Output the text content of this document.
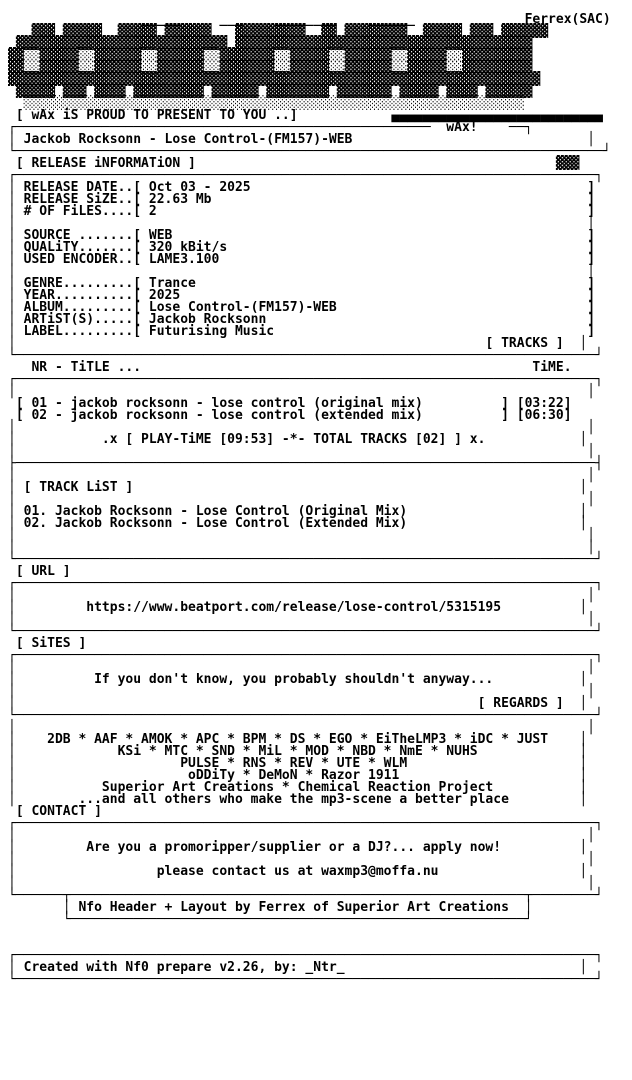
_____     ___    ________    ______	Ferrex(SAC)
▓▓▓ ▓▓▓▓▓  ▓▓▓▓▓ ▓▓▓▓▓▓   ▓▓▓▓▓▓▓▓▓  ▓▓ ▓▓▓▓▓▓▓▓  ▓▓▓▓▓ ▓▓▓ ▓▓▓▓▓▓
▓▓▓▓▓▓▓▓▓▓▓▓▓▓▓▓▓▓▓▓▓▓▓▓▓▓▓ ▓▓▓▓▓▓▓▓▓▓▓▓▓▓▓▓▓▓▓▓▓▓▓▓▓▓▓▓▓▓▓▓▓▓▓▓▓▓
▓▓░░▓▓▓▓▓░░▓▓▓▓▓▓░░▓▓▓▓▓▓░░▓▓▓▓▓▓▓░░▓▓▓▓▓░░▓▓▓▓▓▓░░▓▓▓▓▓░░▓▓▓▓▓▓▓▓▓
▓▓░░▓▓▓▓▓░░▓▓▓▓▓▓░░▓▓▓▓▓▓░░▓▓▓▓▓▓▓░░▓▓▓▓▓░░▓▓▓▓▓▓░░▓▓▓▓▓░░▓▓▓▓▓▓▓▓▓
▓▓▓▓▓▓▓▓▓▓▓▓▓▓▓▓▓▓▓▓▓▓▓▓▓▓▓▓▓▓▓▓▓▓▓▓▓▓▓▓▓▓▓▓▓▓▓▓▓▓▓▓▓▓▓▓▓▓▓▓▓▓▓▓▓▓▓▓
▓▓▓▓▓ ▓▓▓ ▓▓▓▓ ▓▓▓▓▓▓▓▓▓ ▓▓▓▓▓▓ ▓▓▓▓▓▓▓▓ ▓▓▓▓▓▓▓ ▓▓▓▓▓ ▓▓▓▓ ▓▓▓▓▓▓
░░░░░░░░░░░░░░░░░░░░░░░░░░░░░░░░░░░░░░░░░░░░░░░░░░░░░░░░░░░░░░░░
[ wAx iS PROUD TO PRESENT TO YOU ..]            ▄▄▄▄▄▄▄▄▄▄▄▄▄▄▄▄▄▄▄▄▄▄▄▄▄▄▄
┌─────────────────────────────────────────────────────  wAx!    ──┐
│ Jackob Rocksonn - Lose Control-(FM157)-WEB                              │
└───────────────────────────────────────────────────────────────────────────┘
[ RELEASE iNFORMATiON ]                                              ▓▓▓
┌──────────────────────────────────────────────────────────────────────────┐
│ RELEASE DATE..[ Oct 03 - 2025                                           ]
│ RELEASE SiZE..[ 22.63 Mb                                                ]
│ # OF FiLES....[ 2                                                       ]
│                                                                         │
│ SOURCE .......[ WEB                                                     ]
│ QUALiTY.......[ 320 kBit/s                                              ]
│ USED ENCODER..[ LAME3.100                                               ]
│                                                                         │
│ GENRE.........[ Trance                                                  ]
│ YEAR..........[ 2025                                                    ]
│ ALBUM.........[ Lose Control-(FM157)-WEB                                ]
│ ARTiST(S).....[ Jackob Rocksonn                                         ]
│ LABEL.........[ Futurising Music                                        ]
│	[ TRACKS ]  │
└──────────────────────────────────────────────────────────────────────────┘
NR - TiTLE ...                                                  TiME.
┌──────────────────────────────────────────────────────────────────────────┐
│                                                                         │
[ 01 - jackob rocksonn - lose control (original mix)          ] [03:22]
[ 02 - jackob rocksonn - lose control (extended mix)          ] [06:30]
│                                                                         │
│           .x [ PLAY-TiME [09:53] -*- TOTAL TRACKS [02] ] x.            │
│                                                                         │
├──────────────────────────────────────────────────────────────────────────┤
│                                                                         │
│ [ TRACK LiST ]                                                         │
│                                                                         │
│ 01. Jackob Rocksonn - Lose Control (Original Mix)                      │
│ 02. Jackob Rocksonn - Lose Control (Extended Mix)                      │
│                                                                         │
│                                                                         │
└──────────────────────────────────────────────────────────────────────────┘
[ URL ]
┌──────────────────────────────────────────────────────────────────────────┐
│                                                                         │
│         https://www.beatport.com/release/lose-control/5315195          │
│                                                                         │
└──────────────────────────────────────────────────────────────────────────┘
[ SiTES ]
┌──────────────────────────────────────────────────────────────────────────┐
│                                                                         │
│          If you don't know, you probably shouldn't anyway...           │
│                                                                         │
│	[ REGARDS ]  │
└──────────────────────────────────────────────────────────────────────────┘
│                                                                         │
│    2DB * AAF * AMOK * APC * BPM * DS * EGO * EiTheLMP3 * iDC * JUST    │
│             KSi * MTC * SND * MiL * MOD * NBD * NmE * NUHS             │
│                     PULSE * RNS * REV * UTE * WLM                      │
│                      oDDiTy * DeMoN * Razor 1911                       │
│           Superior Art Creations * Chemical Reaction Project           │
│        ...and all others who make the mp3-scene a better place         │
[ CONTACT ]
┌──────────────────────────────────────────────────────────────────────────┐
│                                                                         │
│         Are you a promoripper/supplier or a DJ?... apply now!          │
│                                                                         │
│                  please contact us at waxmp3@moffa.nu                  │
│                                                                         │
└──────┬──────────────────────────────────────────────────────────┬────────┘
│ Nfo Header + Layout by Ferrex of Superior Art Creations  │
└──────────────────────────────────────────────────────────┘

┌──────────────────────────────────────────────────────────────────────────┐
│ Created with Nf0 prepare v2.26, by: _Ntr_                              │
└──────────────────────────────────────────────────────────────────────────┘
